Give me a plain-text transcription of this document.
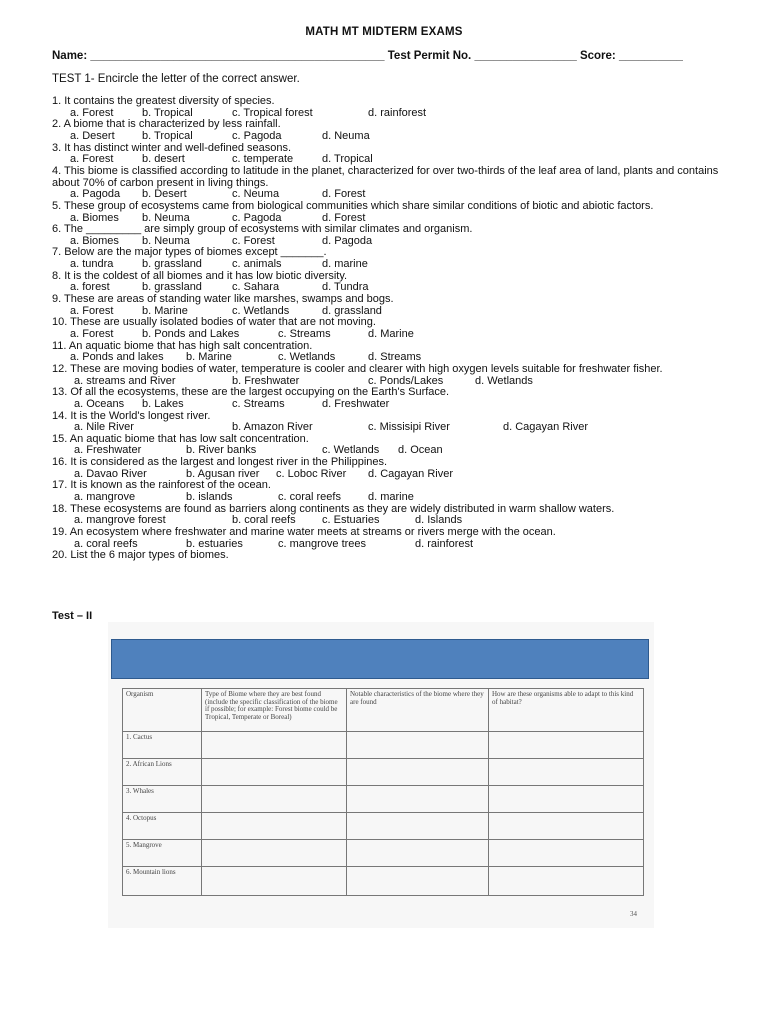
MATH MT MIDTERM EXAMS
Name: ______________________________________________ Test Permit No. ________________ Score: __________
TEST 1- Encircle the letter of the correct answer.
1. It contains the greatest diversity of species.
a. Forest	b. Tropical	c. Tropical forest	d. rainforest
2. A biome that is characterized by less rainfall.
a. Desert b. Tropical	c. Pagoda	d. Neuma
3. It has distinct winter and well-defined seasons.
a. Forest	b. desert	c. temperate	d. Tropical
4. This biome is classified according to latitude in the planet, characterized for over two-thirds of the leaf area of land, plants and contains about 70% of carbon present in living things.
a. Pagoda b. Desert	c. Neuma	d. Forest
5. These group of ecosystems came from biological communities which share similar conditions of biotic and abiotic factors.
a. Biomes b. Neuma	c. Pagoda	d. Forest
6. The _________ are simply group of ecosystems with similar climates and organism.
a. Biomes b. Neuma	c. Forest	d. Pagoda
7. Below are the major types of biomes except _______.
a. tundra	b. grassland	c. animals	d. marine
8. It is the coldest of all biomes and it has low biotic diversity.
a. forest	b. grassland	c. Sahara	d. Tundra
9. These are areas of standing water like marshes, swamps and bogs.
a. Forest	b. Marine	c. Wetlands	d. grassland
10. These are usually isolated bodies of water that are not moving.
a. Forest	b. Ponds and Lakes	c. Streams	d. Marine
11. An aquatic biome that has high salt concentration.
a. Ponds and lakes b. Marine	c. Wetlands	d. Streams
12. These are moving bodies of water, temperature is cooler and clearer with high oxygen levels suitable for freshwater fisher.
a. streams and River	b. Freshwater	c. Ponds/Lakes	d. Wetlands
13. Of all the ecosystems, these are the largest occupying on the Earth's Surface.
a. Oceans b. Lakes	c. Streams	d. Freshwater
14. It is the World's longest river.
a. Nile River	b. Amazon River	c. Missisipi River	d. Cagayan River
15. An aquatic biome that has low salt concentration.
a. Freshwater	b. River banks	c. Wetlands d. Ocean
16. It is considered as the largest and longest river in the Philippines.
a. Davao River	b. Agusan river c. Loboc River d. Cagayan River
17. It is known as the rainforest of the ocean.
a. mangrove	b. islands	c. coral reefs d. marine
18. These ecosystems are found as barriers along continents as they are widely distributed in warm shallow waters.
a. mangrove forest	b. coral reefs c. Estuaries	d. Islands
19. An ecosystem where freshwater and marine water meets at streams or rivers merge with the ocean.
a. coral reefs	b. estuaries	c. mangrove trees	d. rainforest
20. List the 6 major types of biomes.
Test – II
Organism	Type of Biome where they are best found (include the specific classification of the biome if possible; for example: Forest biome could be Tropical, Temperate or Boreal)	Notable characteristics of the biome where they are found	How are these organisms able to adapt to this kind of habitat?
1. Cactus			
2. African Lions			
3. Whales			
4. Octopus			
5. Mangrove			
6. Mountain lions			
34
